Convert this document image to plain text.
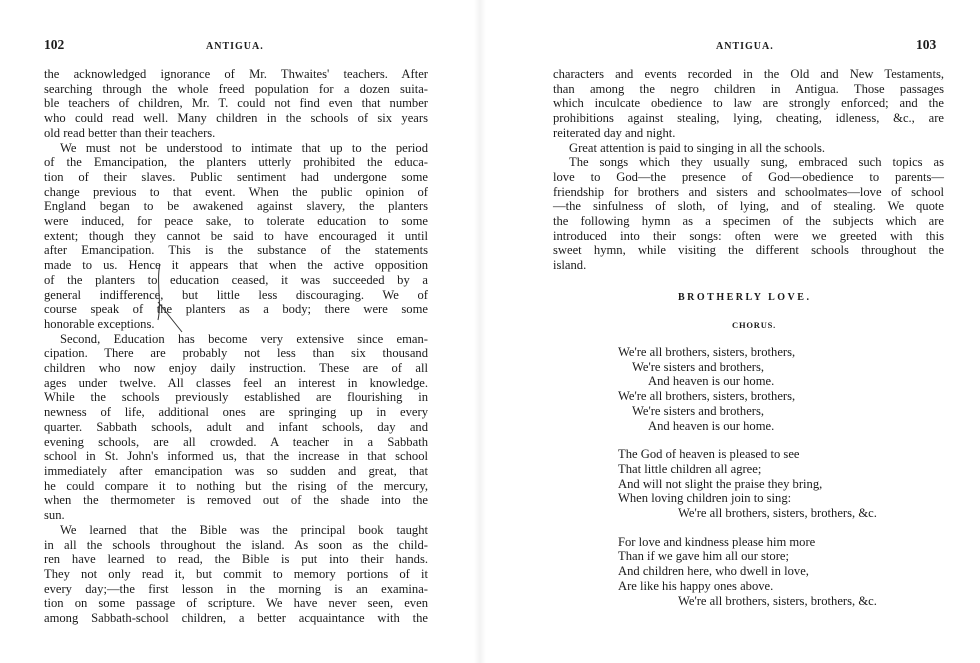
102	ANTIGUA.
the acknowledged ignorance of Mr. Thwaites' teachers. After
searching through the whole freed population for a dozen suita-
ble teachers of children, Mr. T. could not find even that number
who could read well. Many children in the schools of six years
old read better than their teachers.
We must not be understood to intimate that up to the period
of the Emancipation, the planters utterly prohibited the educa-
tion of their slaves. Public sentiment had undergone some
change previous to that event. When the public opinion of
England began to be awakened against slavery, the planters
were induced, for peace sake, to tolerate education to some
extent; though they cannot be said to have encouraged it until
after Emancipation. This is the substance of the statements
made to us. Hence it appears that when the active opposition
of the planters to education ceased, it was succeeded by a
general indifference, but little less discouraging. We of
course speak of the planters as a body; there were some
honorable exceptions.
Second, Education has become very extensive since eman-
cipation. There are probably not less than six thousand
children who now enjoy daily instruction. These are of all
ages under twelve. All classes feel an interest in knowledge.
While the schools previously established are flourishing in
newness of life, additional ones are springing up in every
quarter. Sabbath schools, adult and infant schools, day and
evening schools, are all crowded. A teacher in a Sabbath
school in St. John's informed us, that the increase in that school
immediately after emancipation was so sudden and great, that
he could compare it to nothing but the rising of the mercury,
when the thermometer is removed out of the shade into the
sun.
We learned that the Bible was the principal book taught
in all the schools throughout the island. As soon as the child-
ren have learned to read, the Bible is put into their hands.
They not only read it, but commit to memory portions of it
every day;—the first lesson in the morning is an examina-
tion on some passage of scripture. We have never seen, even
among Sabbath-school children, a better acquaintance with the
ANTIGUA.	103
characters and events recorded in the Old and New Testaments,
than among the negro children in Antigua. Those passages
which inculcate obedience to law are strongly enforced; and the
prohibitions against stealing, lying, cheating, idleness, &c., are
reiterated day and night.
Great attention is paid to singing in all the schools.
The songs which they usually sung, embraced such topics as
love to God—the presence of God—obedience to parents—
friendship for brothers and sisters and schoolmates—love of school
—the sinfulness of sloth, of lying, and of stealing. We quote
the following hymn as a specimen of the subjects which are
introduced into their songs: often were we greeted with this
sweet hymn, while visiting the different schools throughout the
island.
BROTHERLY LOVE.
CHORUS.
We're all brothers, sisters, brothers,
We're sisters and brothers,
And heaven is our home.
We're all brothers, sisters, brothers,
We're sisters and brothers,
And heaven is our home.
The God of heaven is pleased to see
That little children all agree;
And will not slight the praise they bring,
When loving children join to sing:
We're all brothers, sisters, brothers, &c.
For love and kindness please him more
Than if we gave him all our store;
And children here, who dwell in love,
Are like his happy ones above.
We're all brothers, sisters, brothers, &c.
